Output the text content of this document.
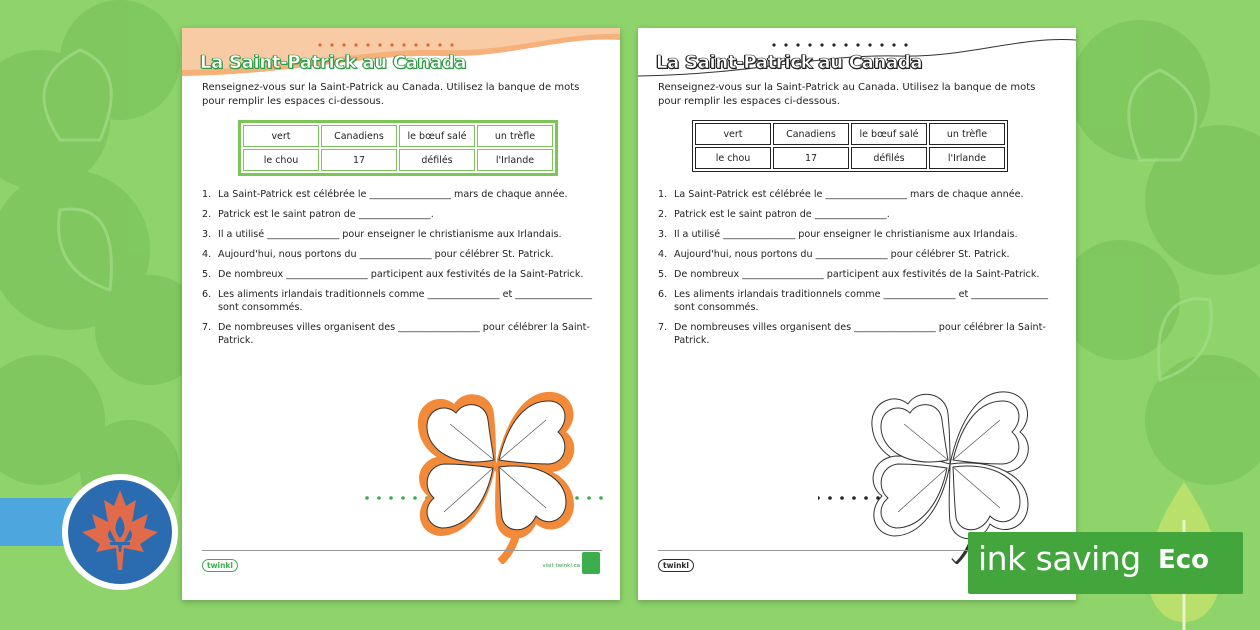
La Saint-Patrick au Canada

Renseignez-vous sur la Saint-Patrick au Canada. Utilisez la banque de mots pour remplir les espaces ci-dessous.

vert	Canadiens	le bœuf salé	un trèfle
le chou	17	défilés	l'Irlande
1. La Saint-Patrick est célébrée le _________________ mars de chaque année.
2. Patrick est le saint patron de _______________.
3. Il a utilisé _______________ pour enseigner le christianisme aux Irlandais.
4. Aujourd'hui, nous portons du _______________ pour célébrer St. Patrick.
5. De nombreux _________________ participent aux festivités de la Saint-Patrick.
6. Les aliments irlandais traditionnels comme _______________ et ________________ sont consommés.
7. De nombreuses villes organisent des _________________ pour célébrer la Saint-Patrick.
twinkl	visit twinkl.ca

La Saint-Patrick au Canada

Renseignez-vous sur la Saint-Patrick au Canada. Utilisez la banque de mots pour remplir les espaces ci-dessous.

vert	Canadiens	le bœuf salé	un trèfle
le chou	17	défilés	l'Irlande
1. La Saint-Patrick est célébrée le _________________ mars de chaque année.
2. Patrick est le saint patron de _______________.
3. Il a utilisé _______________ pour enseigner le christianisme aux Irlandais.
4. Aujourd'hui, nous portons du _______________ pour célébrer St. Patrick.
5. De nombreux _________________ participent aux festivités de la Saint-Patrick.
6. Les aliments irlandais traditionnels comme _______________ et ________________ sont consommés.
7. De nombreuses villes organisent des _________________ pour célébrer la Saint-Patrick.
twinkl	ink saving Eco
